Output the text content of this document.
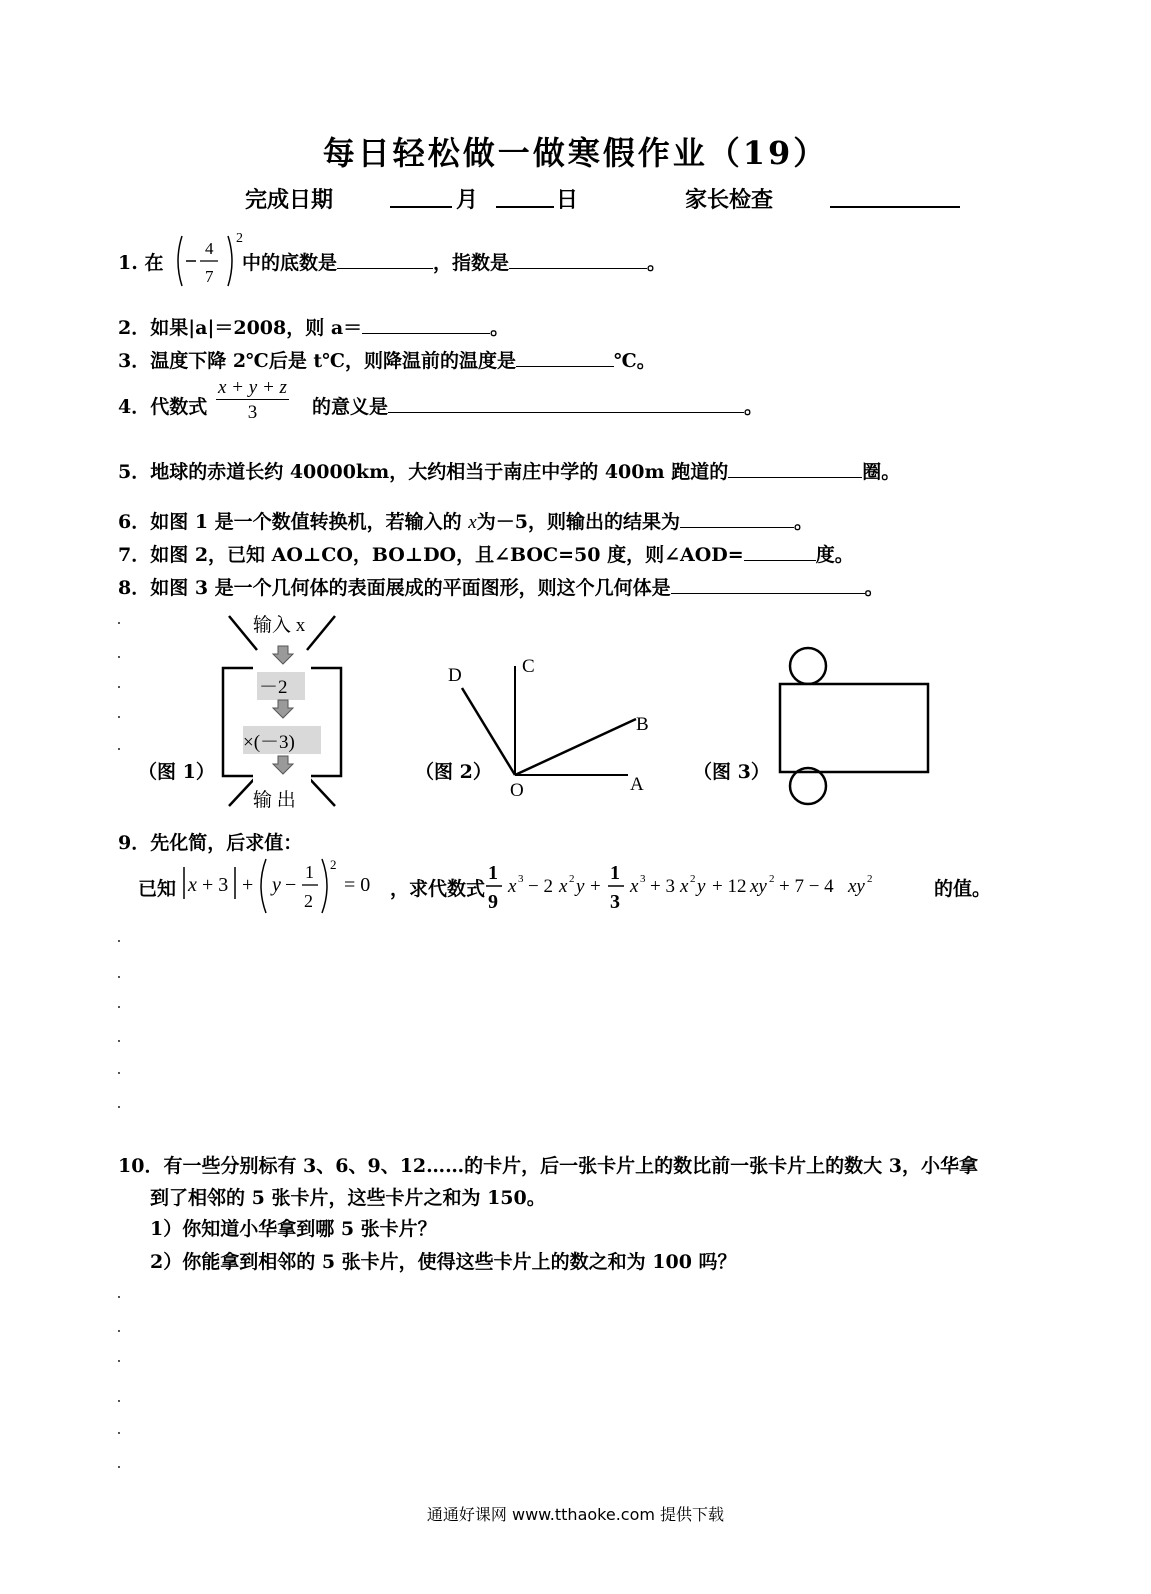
每日轻松做一做寒假作业（19）
完成日期	月	日	家长检查
1. 在
4
7
2
中的底数是	，指数是	。
2．如果|a|＝2008，则 a＝	。
3．温度下降 2℃后是 t℃，则降温前的温度是	℃。
4．代数式 $\frac{x + y + z}{3}$ 的意义是	。
5．地球的赤道长约 40000km，大约相当于南庄中学的 400m 跑道的	圈。
6．如图 1 是一个数值转换机，若输入的 x为－5，则输出的结果为	。
7．如图 2，已知 AO⊥CO，BO⊥DO，且∠BOC=50 度，则∠AOD=	度。
8．如图 3 是一个几何体的表面展成的平面图形，则这个几何体是	。
（图 1）
输入 x
－2
×(－3)
输 出
（图 2）
D	C
B
A
O
（图 3）
9．先化简，后求值：
已知 x + 3 + y −
1
2
2
= 0 ，求代数式
1
9
x 3 − 2 x 2 y +
1
3
x 3 + 3 x 2 y + 12 xy 2 + 7 − 4 xy 2	的值。
10．有一些分别标有 3、6、9、12……的卡片，后一张卡片上的数比前一张卡片上的数大 3，小华拿
到了相邻的 5 张卡片，这些卡片之和为 150。
1）你知道小华拿到哪 5 张卡片？
2）你能拿到相邻的 5 张卡片，使得这些卡片上的数之和为 100 吗？
通通好课网 www.tthaoke.com 提供下载
